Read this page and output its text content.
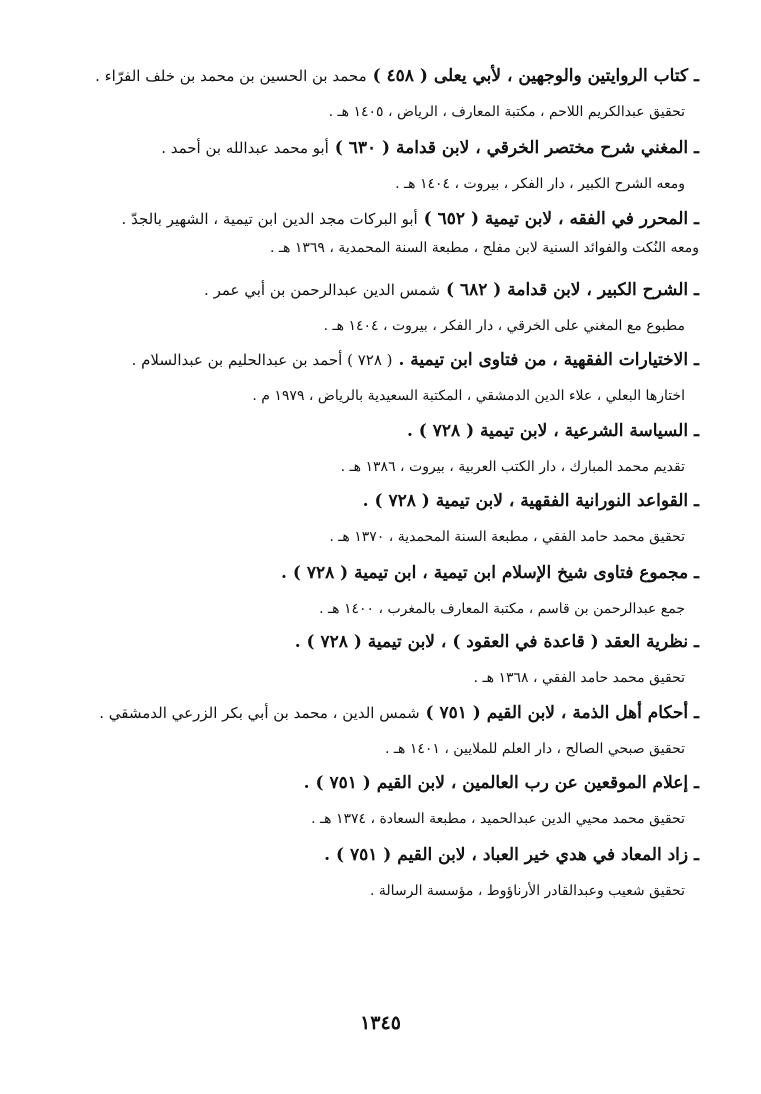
ـ كتاب الروايتين والوجهين ، لأبي يعلى ( ٤٥٨ ) محمد بن الحسين بن محمد بن خلف الفرّاء .
تحقيق عبدالكريم اللاحم ، مكتبة المعارف ، الرياض ، ١٤٠٥ هـ .
ـ المغني شرح مختصر الخرقي ، لابن قدامة ( ٦٣٠ ) أبو محمد عبدالله بن أحمد .
ومعه الشرح الكبير ، دار الفكر ، بيروت ، ١٤٠٤ هـ .
ـ المحرر في الفقه ، لابن تيمية ( ٦٥٢ ) أبو البركات مجد الدين ابن تيمية ، الشهير بالجدّ .
ومعه النُكت والفوائد السنية لابن مفلح ، مطبعة السنة المحمدية ، ١٣٦٩ هـ .
ـ الشرح الكبير ، لابن قدامة ( ٦٨٢ ) شمس الدين عبدالرحمن بن أبي عمر .
مطبوع مع المغني على الخرقي ، دار الفكر ، بيروت ، ١٤٠٤ هـ .
ـ الاختيارات الفقهية ، من فتاوى ابن تيمية . ( ٧٢٨ ) أحمد بن عبدالحليم بن عبدالسلام .
اختارها البعلي ، علاء الدين الدمشقي ، المكتبة السعيدية بالرياض ، ١٩٧٩ م .
ـ السياسة الشرعية ، لابن تيمية ( ٧٢٨ ) .
تقديم محمد المبارك ، دار الكتب العربية ، بيروت ، ١٣٨٦ هـ .
ـ القواعد النورانية الفقهية ، لابن تيمية ( ٧٢٨ ) .
تحقيق محمد حامد الفقي ، مطبعة السنة المحمدية ، ١٣٧٠ هـ .
ـ مجموع فتاوى شيخ الإسلام ابن تيمية ، ابن تيمية ( ٧٢٨ ) .
جمع عبدالرحمن بن قاسم ، مكتبة المعارف بالمغرب ، ١٤٠٠ هـ .
ـ نظرية العقد ( قاعدة في العقود ) ، لابن تيمية ( ٧٢٨ ) .
تحقيق محمد حامد الفقي ، ١٣٦٨ هـ .
ـ أحكام أهل الذمة ، لابن القيم ( ٧٥١ ) شمس الدين ، محمد بن أبي بكر الزرعي الدمشقي .
تحقيق صبحي الصالح ، دار العلم للملايين ، ١٤٠١ هـ .
ـ إعلام الموقعين عن رب العالمين ، لابن القيم ( ٧٥١ ) .
تحقيق محمد محيي الدين عبدالحميد ، مطبعة السعادة ، ١٣٧٤ هـ .
ـ زاد المعاد في هدي خير العباد ، لابن القيم ( ٧٥١ ) .
تحقيق شعيب وعبدالقادر الأرناؤوط ، مؤسسة الرسالة .
١٣٤٥
